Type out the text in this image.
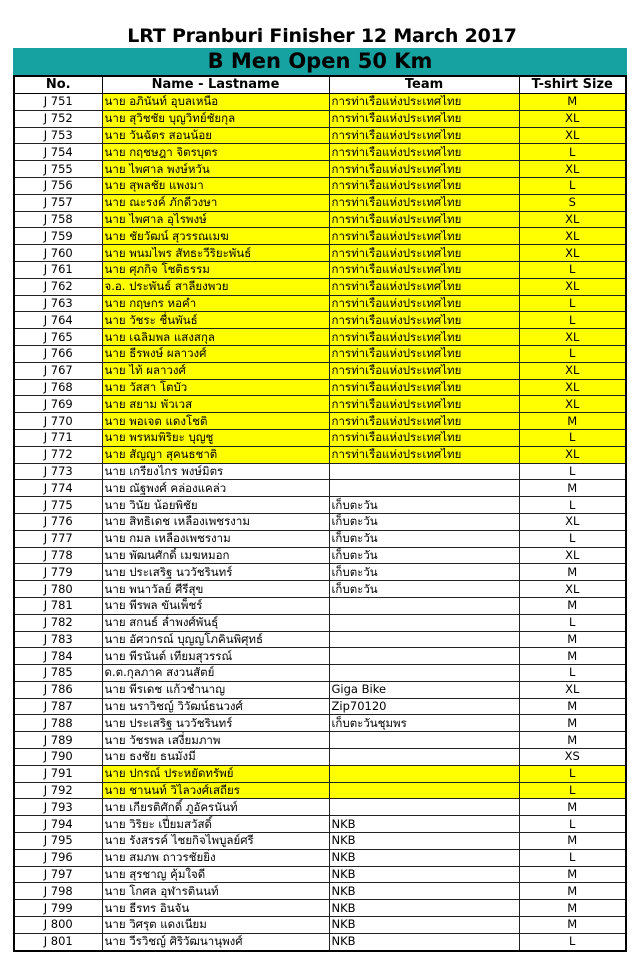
LRT Pranburi Finisher 12 March 2017
B Men Open 50 Km
No.	Name - Lastname	Team	T-shirt Size
J 751	นาย อภินันท์ อุบลเหนือ	การท่าเรือแห่งประเทศไทย	M
J 752	นาย สุวิชชัย บุญวิทย์ชัยกุล	การท่าเรือแห่งประเทศไทย	XL
J 753	นาย วันฉัตร สอนน้อย	การท่าเรือแห่งประเทศไทย	XL
J 754	นาย กฤชษฎา จิตรบุตร	การท่าเรือแห่งประเทศไทย	L
J 755	นาย ไพศาล พงษ์หวัน	การท่าเรือแห่งประเทศไทย	XL
J 756	นาย สุพลชัย แพงมา	การท่าเรือแห่งประเทศไทย	L
J 757	นาย ณะรงค์ ภักดีวงษา	การท่าเรือแห่งประเทศไทย	S
J 758	นาย ไพศาล อุไรพงษ์	การท่าเรือแห่งประเทศไทย	XL
J 759	นาย ชัยวัฒน์ สุวรรณเมฆ	การท่าเรือแห่งประเทศไทย	XL
J 760	นาย พนมไพร สัทธะวีริยะพันธ์	การท่าเรือแห่งประเทศไทย	XL
J 761	นาย ศุภกิจ โชติธรรม	การท่าเรือแห่งประเทศไทย	L
J 762	จ.อ. ประพันธ์ สาลียงพวย	การท่าเรือแห่งประเทศไทย	XL
J 763	นาย กฤษกร หอคำ	การท่าเรือแห่งประเทศไทย	L
J 764	นาย วัชระ ชื่นพันธ์	การท่าเรือแห่งประเทศไทย	L
J 765	นาย เฉลิมพล แสงสกุล	การท่าเรือแห่งประเทศไทย	XL
J 766	นาย ธีรพงษ์ ผลาวงศ์	การท่าเรือแห่งประเทศไทย	L
J 767	นาย ไท้ ผลาวงศ์	การท่าเรือแห่งประเทศไทย	XL
J 768	นาย วัสสา โตบัว	การท่าเรือแห่งประเทศไทย	XL
J 769	นาย สยาม พัวเวส	การท่าเรือแห่งประเทศไทย	XL
J 770	นาย พอเจต แดงโชติ	การท่าเรือแห่งประเทศไทย	M
J 771	นาย พรหมพิริยะ บุญชู	การท่าเรือแห่งประเทศไทย	L
J 772	นาย สัญญา สุคนธชาติ	การท่าเรือแห่งประเทศไทย	XL
J 773	นาย เกรียงไกร พงษ์มิตร		L
J 774	นาย ณัฐพงศ์ คล่องแคล่ว		M
J 775	นาย วินัย น้อยพิชัย	เก็บตะวัน	L
J 776	นาย สิทธิเดช เหลืองเพชรงาม	เก็บตะวัน	XL
J 777	นาย กมล เหลืองเพชรงาม	เก็บตะวัน	L
J 778	นาย พัฒนศักดิ์ เมฆหมอก	เก็บตะวัน	XL
J 779	นาย ประเสริฐ นววัชรินทร์	เก็บตะวัน	M
J 780	นาย พนาวัลย์ ศีรีสุข	เก็บตะวัน	XL
J 781	นาย พีรพล ขันเพ็ชร์		M
J 782	นาย สกนธ์ ล่ำพงศ์พันธุ์		L
J 783	นาย อัศวกรณ์ บุญญโภคินพิศุทธ์		M
J 784	นาย พีรนันต์ เทียมสุวรรณ์		M
J 785	ด.ต.กุลภาค สงวนสัตย์		L
J 786	นาย พีรเดช แก้วชำนาญ	Giga Bike	XL
J 787	นาย นราวิชญ์ วิวัฒน์ธนวงศ์	Zip70120	M
J 788	นาย ประเสริฐ นววัชรินทร์	เก็บตะวันชุมพร	M
J 789	นาย วัชรพล เสงี่ยมภาพ		M
J 790	นาย ธงชัย ธนมั่งมี		XS
J 791	นาย ปกรณ์ ประหยัดทรัพย์		L
J 792	นาย ชานนท์ วิไลวงศ์เสถียร		L
J 793	นาย เกียรติศักดิ์ ภูอัครนันท์		M
J 794	นาย วิริยะ เปี่ยมสวัสดิ์	NKB	L
J 795	นาย รังสรรค์ ไชยกิจไพบูลย์ศรี	NKB	M
J 796	นาย สมภพ ถาวรชัยยิ่ง	NKB	L
J 797	นาย สุรชาญ คุ้มใจดี	NKB	M
J 798	นาย โกศล อุฬารตินนท์	NKB	M
J 799	นาย ธีรทร อินจัน	NKB	M
J 800	นาย วิศรุต แดงเนียม	NKB	M
J 801	นาย วีรวิชญ์ ศิริวัฒนานุพงศ์	NKB	L
